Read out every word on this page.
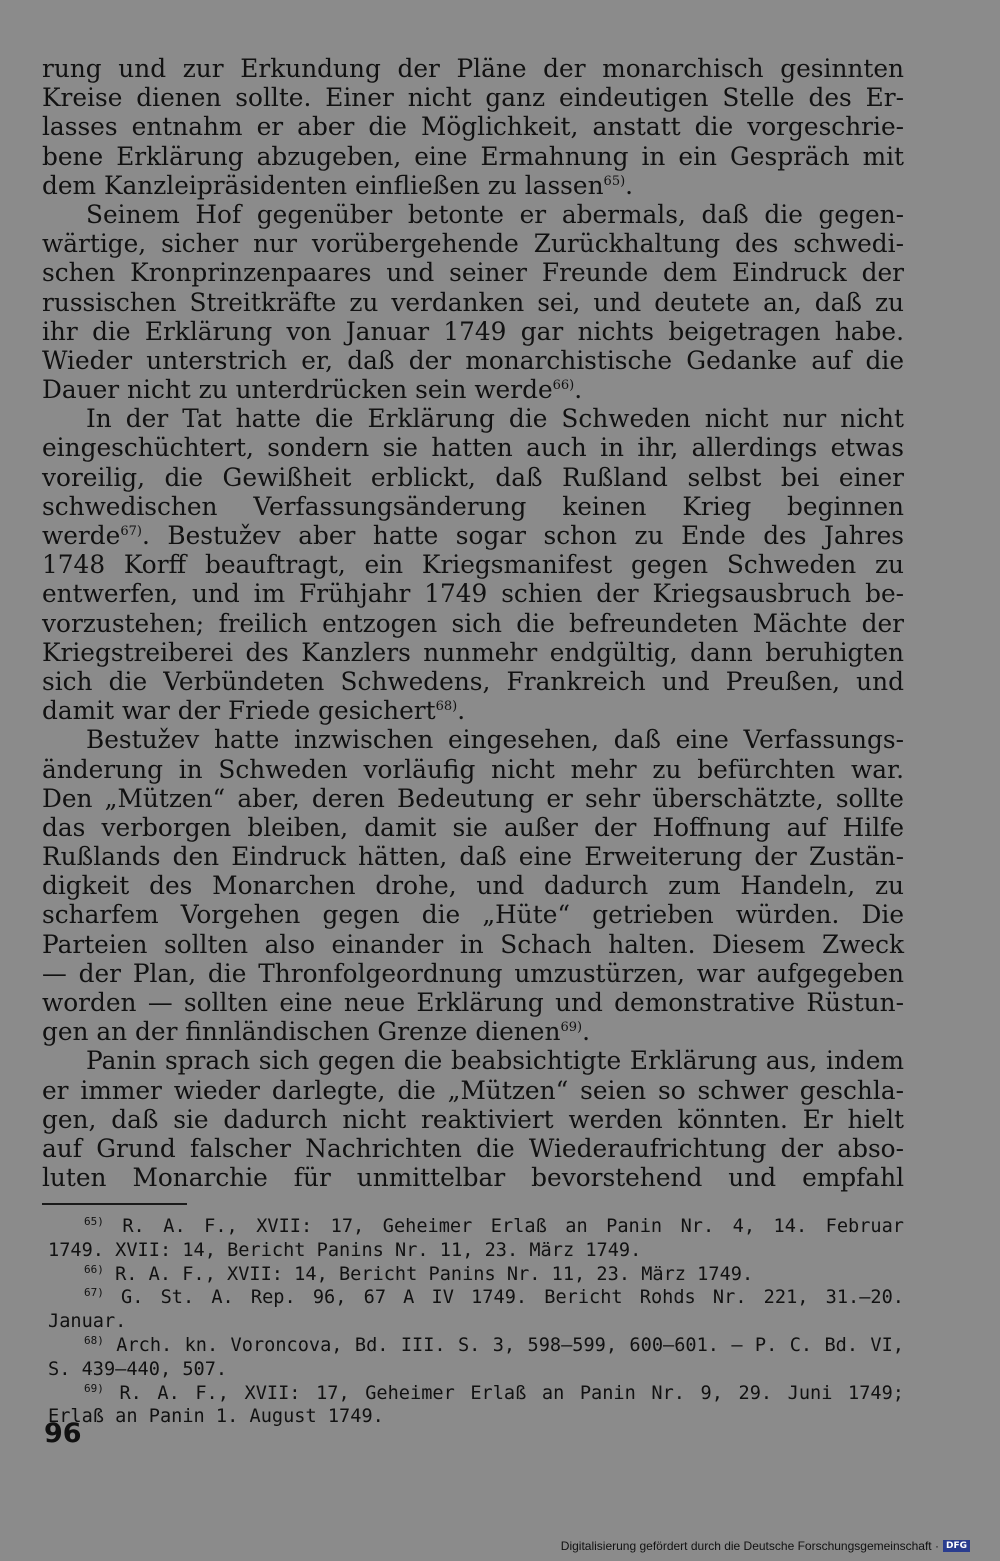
rung und zur Erkundung der Pläne der monarchisch gesinnten
Kreise dienen sollte. Einer nicht ganz eindeutigen Stelle des Er-
lasses entnahm er aber die Möglichkeit, anstatt die vorgeschrie-
bene Erklärung abzugeben, eine Ermahnung in ein Gespräch mit
dem Kanzleipräsidenten einfließen zu lassen$^{65)}$.
Seinem Hof gegenüber betonte er abermals, daß die gegen-
wärtige, sicher nur vorübergehende Zurückhaltung des schwedi-
schen Kronprinzenpaares und seiner Freunde dem Eindruck der
russischen Streitkräfte zu verdanken sei, und deutete an, daß zu
ihr die Erklärung von Januar 1749 gar nichts beigetragen habe.
Wieder unterstrich er, daß der monarchistische Gedanke auf die
Dauer nicht zu unterdrücken sein werde$^{66)}$.
In der Tat hatte die Erklärung die Schweden nicht nur nicht
eingeschüchtert, sondern sie hatten auch in ihr, allerdings etwas
voreilig, die Gewißheit erblickt, daß Rußland selbst bei einer
schwedischen Verfassungsänderung keinen Krieg beginnen
werde$^{67)}$. Bestužev aber hatte sogar schon zu Ende des Jahres
1748 Korff beauftragt, ein Kriegsmanifest gegen Schweden zu
entwerfen, und im Frühjahr 1749 schien der Kriegsausbruch be-
vorzustehen; freilich entzogen sich die befreundeten Mächte der
Kriegstreiberei des Kanzlers nunmehr endgültig, dann beruhigten
sich die Verbündeten Schwedens, Frankreich und Preußen, und
damit war der Friede gesichert$^{68)}$.
Bestužev hatte inzwischen eingesehen, daß eine Verfassungs-
änderung in Schweden vorläufig nicht mehr zu befürchten war.
Den „Mützen“ aber, deren Bedeutung er sehr überschätzte, sollte
das verborgen bleiben, damit sie außer der Hoffnung auf Hilfe
Rußlands den Eindruck hätten, daß eine Erweiterung der Zustän-
digkeit des Monarchen drohe, und dadurch zum Handeln, zu
scharfem Vorgehen gegen die „Hüte“ getrieben würden. Die
Parteien sollten also einander in Schach halten. Diesem Zweck
— der Plan, die Thronfolgeordnung umzustürzen, war aufgegeben
worden — sollten eine neue Erklärung und demonstrative Rüstun-
gen an der finnländischen Grenze dienen$^{69)}$.
Panin sprach sich gegen die beabsichtigte Erklärung aus, indem
er immer wieder darlegte, die „Mützen“ seien so schwer geschla-
gen, daß sie dadurch nicht reaktiviert werden könnten. Er hielt
auf Grund falscher Nachrichten die Wiederaufrichtung der abso-
luten Monarchie für unmittelbar bevorstehend und empfahl
$^{65)}$ R. A. F., XVII: 17, Geheimer Erlaß an Panin Nr. 4, 14. Februar
1749. XVII: 14, Bericht Panins Nr. 11, 23. März 1749.
$^{66)}$ R. A. F., XVII: 14, Bericht Panins Nr. 11, 23. März 1749.
$^{67)}$ G. St. A. Rep. 96, 67 A IV 1749. Bericht Rohds Nr. 221, 31.—20.
Januar.
$^{68)}$ Arch. kn. Voroncova, Bd. III. S. 3, 598—599, 600—601. — P. C. Bd. VI,
S. 439—440, 507.
$^{69)}$ R. A. F., XVII: 17, Geheimer Erlaß an Panin Nr. 9, 29. Juni 1749;
Erlaß an Panin 1. August 1749.
96
Digitalisierung gefördert durch die Deutsche Forschungsgemeinschaft · DFG
